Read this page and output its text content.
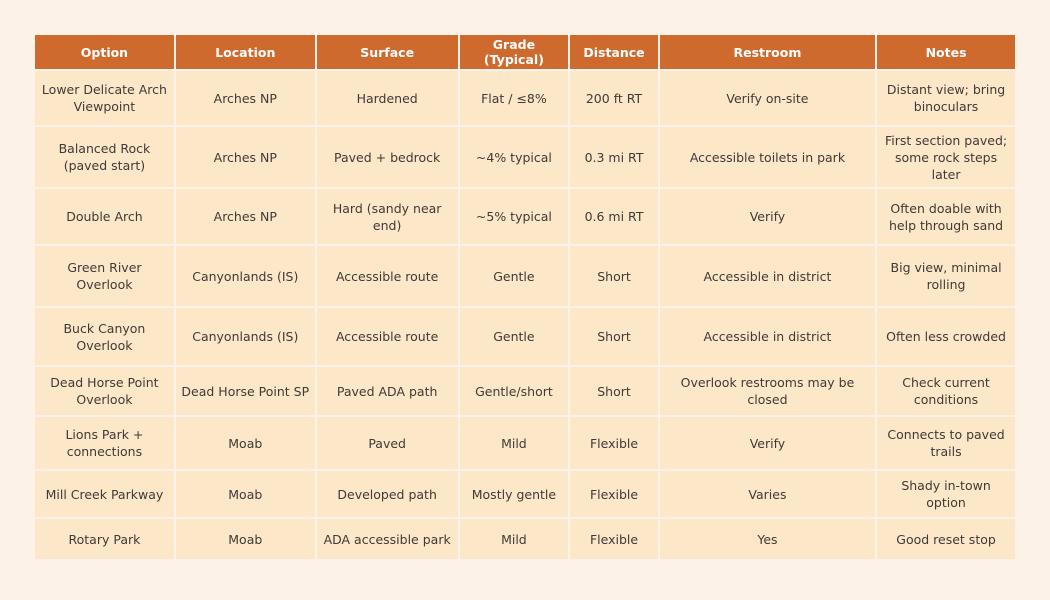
Option	Location	Surface	Grade (Typical)	Distance	Restroom	Notes
Lower Delicate Arch Viewpoint	Arches NP	Hardened	Flat / ≤8%	200 ft RT	Verify on-site	Distant view; bring binoculars
Balanced Rock (paved start)	Arches NP	Paved + bedrock	~4% typical	0.3 mi RT	Accessible toilets in park	First section paved; some rock steps later
Double Arch	Arches NP	Hard (sandy near end)	~5% typical	0.6 mi RT	Verify	Often doable with help through sand
Green River Overlook	Canyonlands (IS)	Accessible route	Gentle	Short	Accessible in district	Big view, minimal rolling
Buck Canyon Overlook	Canyonlands (IS)	Accessible route	Gentle	Short	Accessible in district	Often less crowded
Dead Horse Point Overlook	Dead Horse Point SP	Paved ADA path	Gentle/short	Short	Overlook restrooms may be closed	Check current conditions
Lions Park + connections	Moab	Paved	Mild	Flexible	Verify	Connects to paved trails
Mill Creek Parkway	Moab	Developed path	Mostly gentle	Flexible	Varies	Shady in-town option
Rotary Park	Moab	ADA accessible park	Mild	Flexible	Yes	Good reset stop
